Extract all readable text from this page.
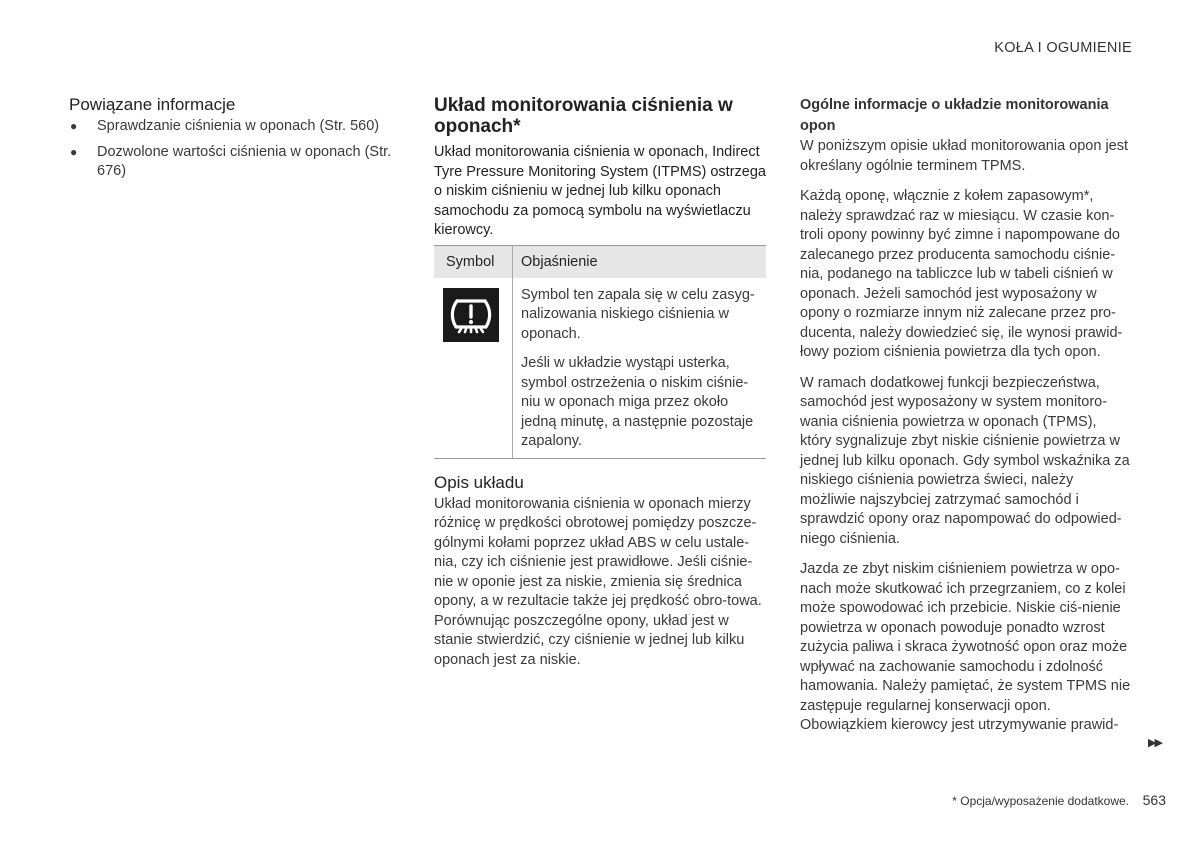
KOŁA I OGUMIENIE
Powiązane informacje
● Sprawdzanie ciśnienia w oponach (Str. 560)
● Dozwolone wartości ciśnienia w oponach (Str. 676)
Układ monitorowania ciśnienia w oponach*

Układ monitorowania ciśnienia w oponach, Indirect Tyre Pressure Monitoring System (ITPMS) ostrzega o niskim ciśnieniu w jednej lub kilku oponach samochodu za pomocą symbolu na wyświetlaczu kierowcy.

Symbol	Objaśnienie

Symbol ten zapala się w celu zasyg-nalizowania niskiego ciśnienia w oponach.

Jeśli w układzie wystąpi usterka, symbol ostrzeżenia o niskim ciśnie-niu w oponach miga przez około jedną minutę, a następnie pozostaje zapalony.

Opis układu

Układ monitorowania ciśnienia w oponach mierzy różnicę w prędkości obrotowej pomiędzy poszcze-gólnymi kołami poprzez układ ABS w celu ustale-nia, czy ich ciśnienie jest prawidłowe. Jeśli ciśnie-nie w oponie jest za niskie, zmienia się średnica opony, a w rezultacie także jej prędkość obro-towa. Porównując poszczególne opony, układ jest w stanie stwierdzić, czy ciśnienie w jednej lub kilku oponach jest za niskie.

Ogólne informacje o układzie monitorowania opon

W poniższym opisie układ monitorowania opon jest określany ogólnie terminem TPMS.

Każdą oponę, włącznie z kołem zapasowym*, należy sprawdzać raz w miesiącu. W czasie kon-troli opony powinny być zimne i napompowane do zalecanego przez producenta samochodu ciśnie-nia, podanego na tabliczce lub w tabeli ciśnień w oponach. Jeżeli samochód jest wyposażony w opony o rozmiarze innym niż zalecane przez pro-ducenta, należy dowiedzieć się, ile wynosi prawid-łowy poziom ciśnienia powietrza dla tych opon.

W ramach dodatkowej funkcji bezpieczeństwa, samochód jest wyposażony w system monitoro-wania ciśnienia powietrza w oponach (TPMS), który sygnalizuje zbyt niskie ciśnienie powietrza w jednej lub kilku oponach. Gdy symbol wskaźnika za niskiego ciśnienia powietrza świeci, należy możliwie najszybciej zatrzymać samochód i sprawdzić opony oraz napompować do odpowied-niego ciśnienia.

Jazda ze zbyt niskim ciśnieniem powietrza w opo-nach może skutkować ich przegrzaniem, co z kolei może spowodować ich przebicie. Niskie ciś-nienie powietrza w oponach powoduje ponadto wzrost zużycia paliwa i skraca żywotność opon oraz może wpływać na zachowanie samochodu i zdolność hamowania. Należy pamiętać, że system TPMS nie zastępuje regularnej konserwacji opon. Obowiązkiem kierowcy jest utrzymywanie prawid-

▶▶
* Opcja/wyposażenie dodatkowe. 563
